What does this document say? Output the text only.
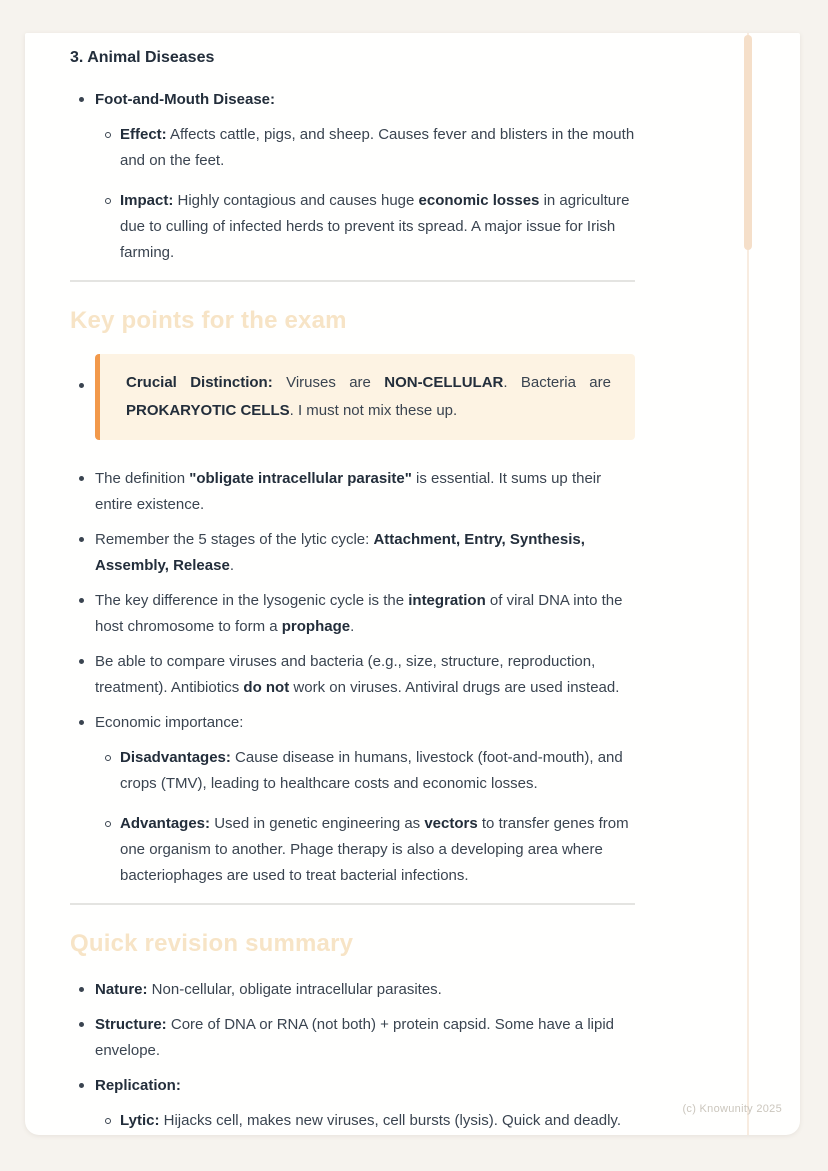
3. Animal Diseases
Foot-and-Mouth Disease:
Effect: Affects cattle, pigs, and sheep. Causes fever and blisters in the mouth and on the feet.
Impact: Highly contagious and causes huge economic losses in agriculture due to culling of infected herds to prevent its spread. A major issue for Irish farming.
Key points for the exam
Crucial Distinction: Viruses are NON-CELLULAR. Bacteria are PROKARYOTIC CELLS. I must not mix these up.
The definition "obligate intracellular parasite" is essential. It sums up their entire existence.
Remember the 5 stages of the lytic cycle: Attachment, Entry, Synthesis, Assembly, Release.
The key difference in the lysogenic cycle is the integration of viral DNA into the host chromosome to form a prophage.
Be able to compare viruses and bacteria (e.g., size, structure, reproduction, treatment). Antibiotics do not work on viruses. Antiviral drugs are used instead.
Economic importance:
Disadvantages: Cause disease in humans, livestock (foot-and-mouth), and crops (TMV), leading to healthcare costs and economic losses.
Advantages: Used in genetic engineering as vectors to transfer genes from one organism to another. Phage therapy is also a developing area where bacteriophages are used to treat bacterial infections.
Quick revision summary
Nature: Non-cellular, obligate intracellular parasites.
Structure: Core of DNA or RNA (not both) + protein capsid. Some have a lipid envelope.
Replication:
Lytic: Hijacks cell, makes new viruses, cell bursts (lysis). Quick and deadly.
(c) Knowunity 2025
